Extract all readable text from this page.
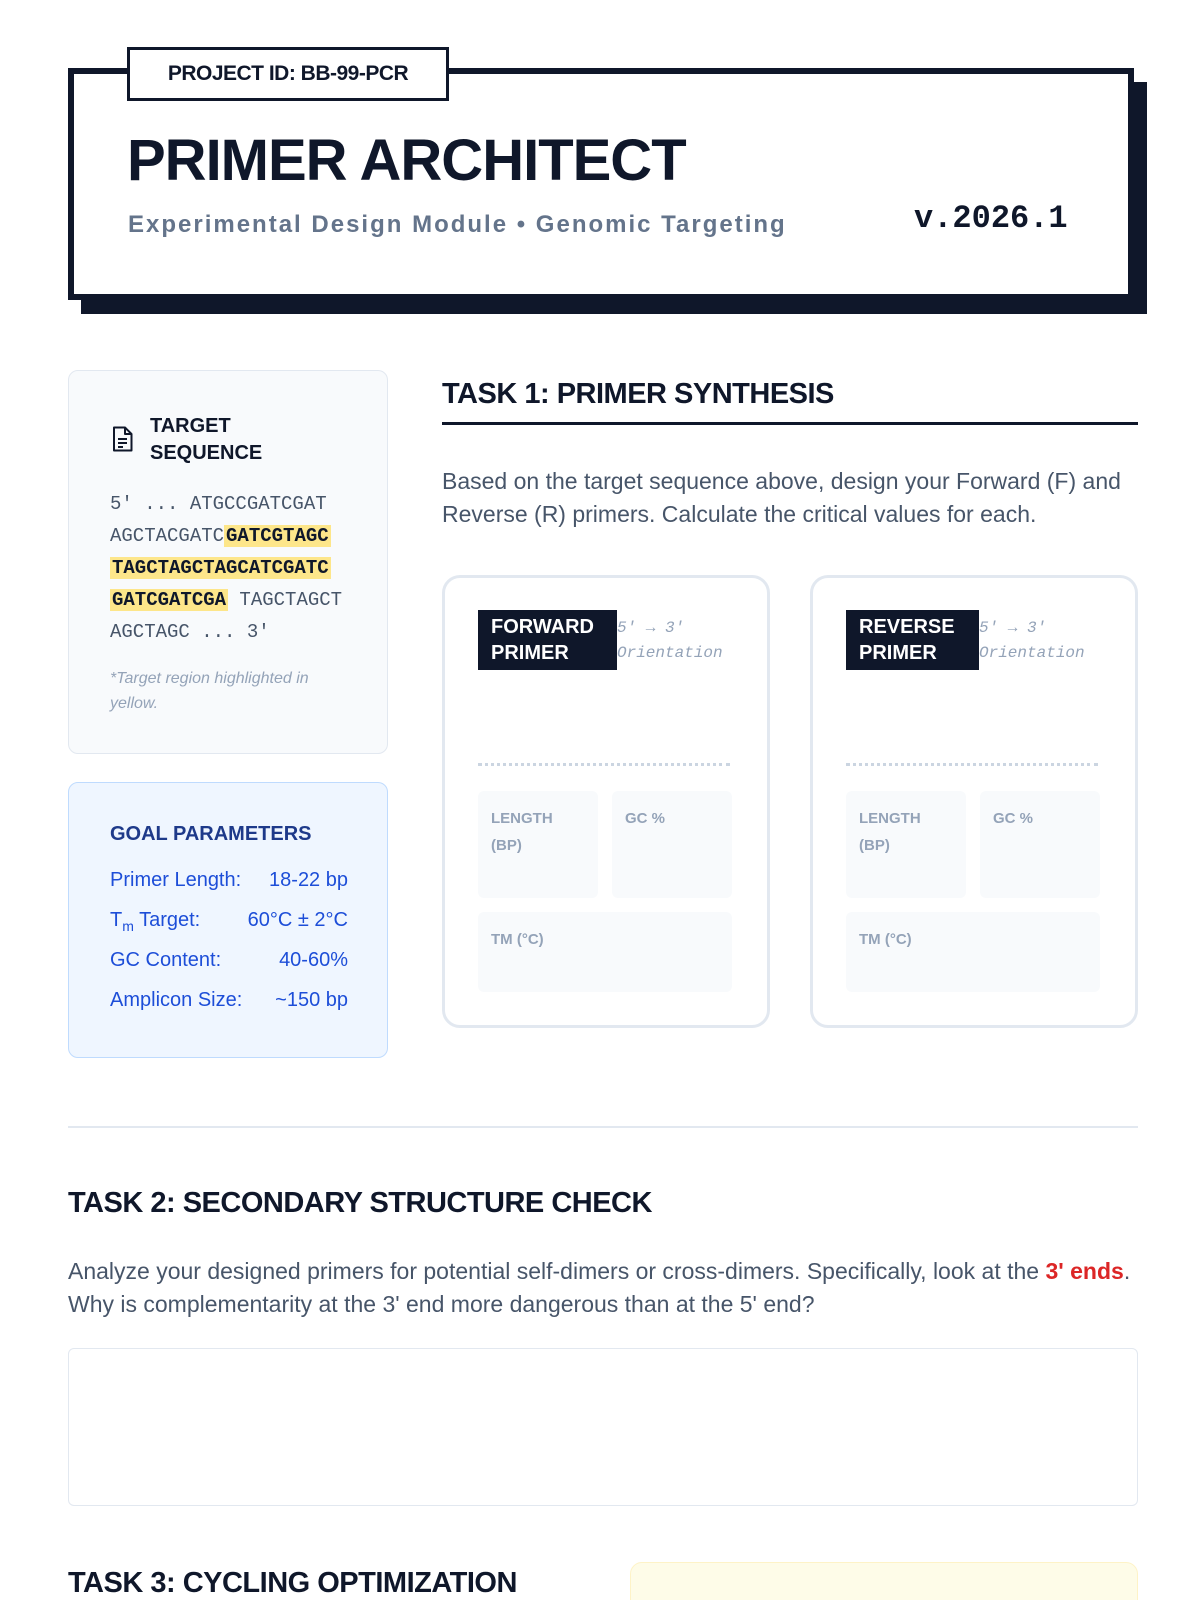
PROJECT ID: BB-99-PCR
PRIMER ARCHITECT
Experimental Design Module • Genomic Targeting	v.2026.1
TARGET SEQUENCE
5' ... ATGCCGATCGAT
AGCTACGATC GATCGTAGC
TAGCTAGCTAGCATCGATC
GATCGATCGA TAGCTAGCT
AGCTAGC ... 3'
*Target region highlighted in yellow.
GOAL PARAMETERS
Primer Length: 18-22 bp
$T_m$ Target: 60°C ± 2°C
GC Content:	40-60%
Amplicon Size: ~150 bp
TASK 1: PRIMER SYNTHESIS
Based on the target sequence above, design your Forward (F) and Reverse (R) primers. Calculate the critical values for each.
FORWARD PRIMER
5' → 3' Orientation
LENGTH (BP)
GC %
TM (°C)
REVERSE PRIMER
5' → 3' Orientation
LENGTH (BP)
GC %
TM (°C)
TASK 2: SECONDARY STRUCTURE CHECK
Analyze your designed primers for potential self-dimers or cross-dimers. Specifically, look at the 3' ends. Why is complementarity at the 3' end more dangerous than at the 5' end?
TASK 3: CYCLING OPTIMIZATION
